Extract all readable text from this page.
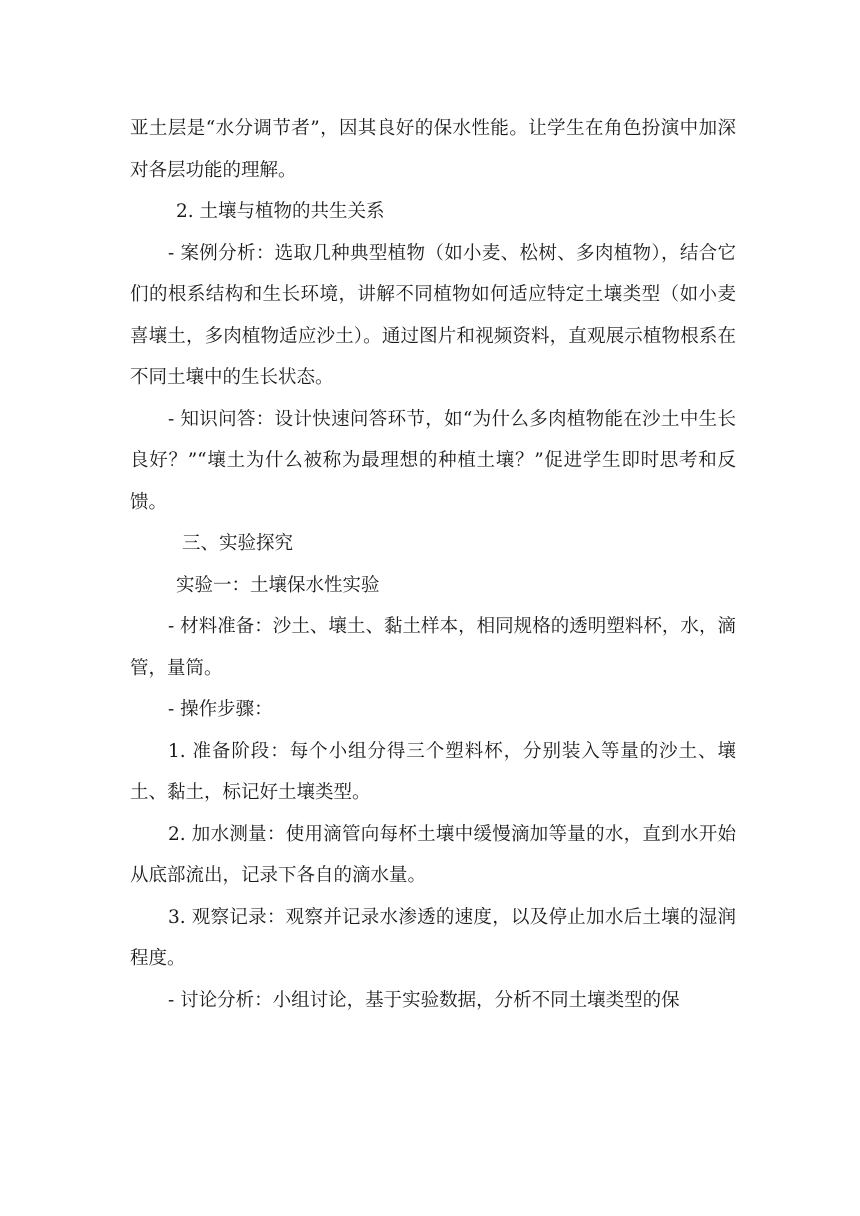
亚土层是“水分调节者”，因其良好的保水性能。让学生在角色扮演中加深对各层功能的理解。

2. 土壤与植物的共生关系

- 案例分析：选取几种典型植物（如小麦、松树、多肉植物），结合它们的根系结构和生长环境，讲解不同植物如何适应特定土壤类型（如小麦喜壤土，多肉植物适应沙土）。通过图片和视频资料，直观展示植物根系在不同土壤中的生长状态。

- 知识问答：设计快速问答环节，如“为什么多肉植物能在沙土中生长良好？”“壤土为什么被称为最理想的种植土壤？”促进学生即时思考和反馈。

三、实验探究

实验一：土壤保水性实验

- 材料准备：沙土、壤土、黏土样本，相同规格的透明塑料杯，水，滴管，量筒。

- 操作步骤：

1. 准备阶段：每个小组分得三个塑料杯，分别装入等量的沙土、壤土、黏土，标记好土壤类型。

2. 加水测量：使用滴管向每杯土壤中缓慢滴加等量的水，直到水开始从底部流出，记录下各自的滴水量。

3. 观察记录：观察并记录水渗透的速度，以及停止加水后土壤的湿润程度。

- 讨论分析：小组讨论，基于实验数据，分析不同土壤类型的保
